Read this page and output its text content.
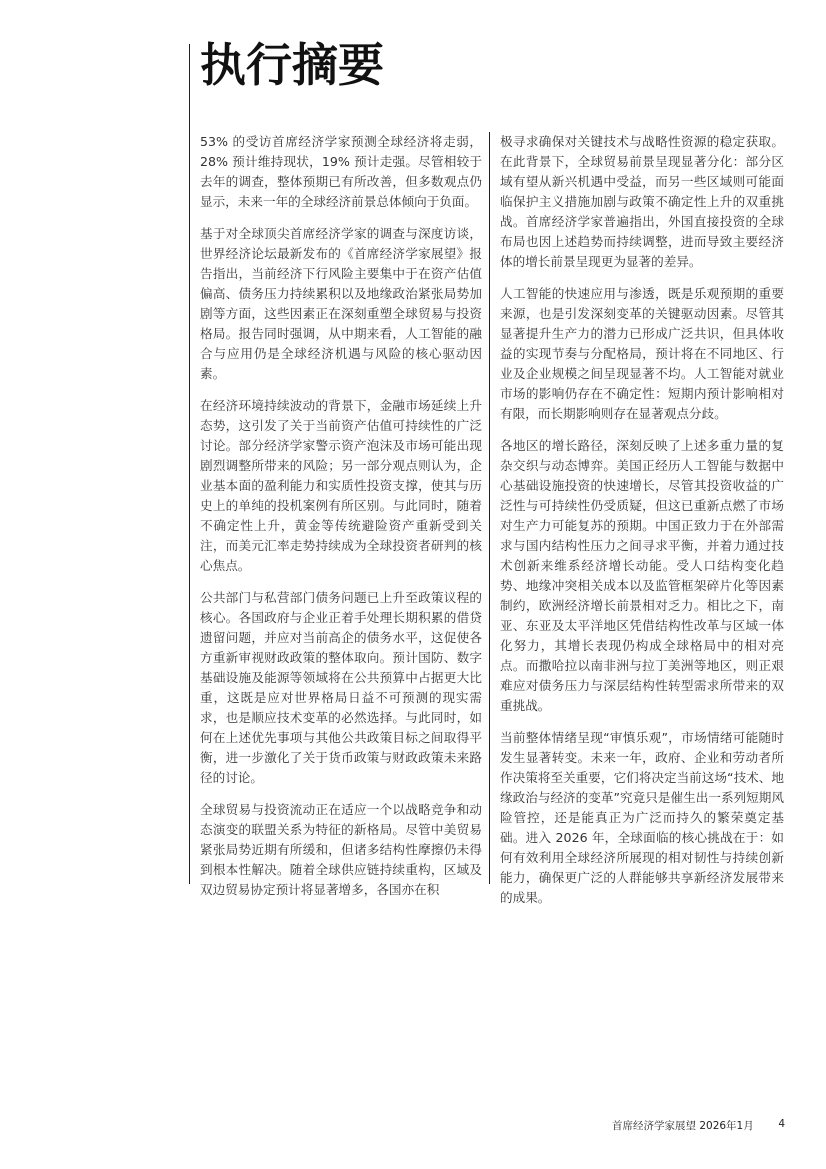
执行摘要

53% 的受访首席经济学家预测全球经济将走弱，28% 预计维持现状，19% 预计走强。尽管相较于去年的调查，整体预期已有所改善，但多数观点仍显示，未来一年的全球经济前景总体倾向于负面。

基于对全球顶尖首席经济学家的调查与深度访谈，世界经济论坛最新发布的《首席经济学家展望》报告指出，当前经济下行风险主要集中于在资产估值偏高、债务压力持续累积以及地缘政治紧张局势加剧等方面，这些因素正在深刻重塑全球贸易与投资格局。报告同时强调，从中期来看，人工智能的融合与应用仍是全球经济机遇与风险的核心驱动因素。

在经济环境持续波动的背景下，金融市场延续上升态势，这引发了关于当前资产估值可持续性的广泛讨论。部分经济学家警示资产泡沫及市场可能出现剧烈调整所带来的风险；另一部分观点则认为，企业基本面的盈利能力和实质性投资支撑，使其与历史上的单纯的投机案例有所区别。与此同时，随着不确定性上升，黄金等传统避险资产重新受到关注，而美元汇率走势持续成为全球投资者研判的核心焦点。

公共部门与私营部门债务问题已上升至政策议程的核心。各国政府与企业正着手处理长期积累的借贷遗留问题，并应对当前高企的债务水平，这促使各方重新审视财政政策的整体取向。预计国防、数字基础设施及能源等领域将在公共预算中占据更大比重，这既是应对世界格局日益不可预测的现实需求，也是顺应技术变革的必然选择。与此同时，如何在上述优先事项与其他公共政策目标之间取得平衡，进一步激化了关于货币政策与财政政策未来路径的讨论。

全球贸易与投资流动正在适应一个以战略竞争和动态演变的联盟关系为特征的新格局。尽管中美贸易紧张局势近期有所缓和，但诸多结构性摩擦仍未得到根本性解决。随着全球供应链持续重构，区域及双边贸易协定预计将显著增多，各国亦在积

极寻求确保对关键技术与战略性资源的稳定获取。在此背景下，全球贸易前景呈现显著分化：部分区域有望从新兴机遇中受益，而另一些区域则可能面临保护主义措施加剧与政策不确定性上升的双重挑战。首席经济学家普遍指出，外国直接投资的全球布局也因上述趋势而持续调整，进而导致主要经济体的增长前景呈现更为显著的差异。

人工智能的快速应用与渗透，既是乐观预期的重要来源，也是引发深刻变革的关键驱动因素。尽管其显著提升生产力的潜力已形成广泛共识，但具体收益的实现节奏与分配格局，预计将在不同地区、行业及企业规模之间呈现显著不均。人工智能对就业市场的影响仍存在不确定性：短期内预计影响相对有限，而长期影响则存在显著观点分歧。

各地区的增长路径，深刻反映了上述多重力量的复杂交织与动态博弈。美国正经历人工智能与数据中心基础设施投资的快速增长，尽管其投资收益的广泛性与可持续性仍受质疑，但这已重新点燃了市场对生产力可能复苏的预期。中国正致力于在外部需求与国内结构性压力之间寻求平衡，并着力通过技术创新来维系经济增长动能。受人口结构变化趋势、地缘冲突相关成本以及监管框架碎片化等因素制约，欧洲经济增长前景相对乏力。相比之下，南亚、东亚及太平洋地区凭借结构性改革与区域一体化努力，其增长表现仍构成全球格局中的相对亮点。而撒哈拉以南非洲与拉丁美洲等地区，则正艰难应对债务压力与深层结构性转型需求所带来的双重挑战。

当前整体情绪呈现“审慎乐观”，市场情绪可能随时发生显著转变。未来一年，政府、企业和劳动者所作决策将至关重要，它们将决定当前这场“技术、地缘政治与经济的变革”究竟只是催生出一系列短期风险管控，还是能真正为广泛而持久的繁荣奠定基础。进入 2026 年，全球面临的核心挑战在于：如何有效利用全球经济所展现的相对韧性与持续创新能力，确保更广泛的人群能够共享新经济发展带来的成果。

首席经济学家展望 2026年1月 4
